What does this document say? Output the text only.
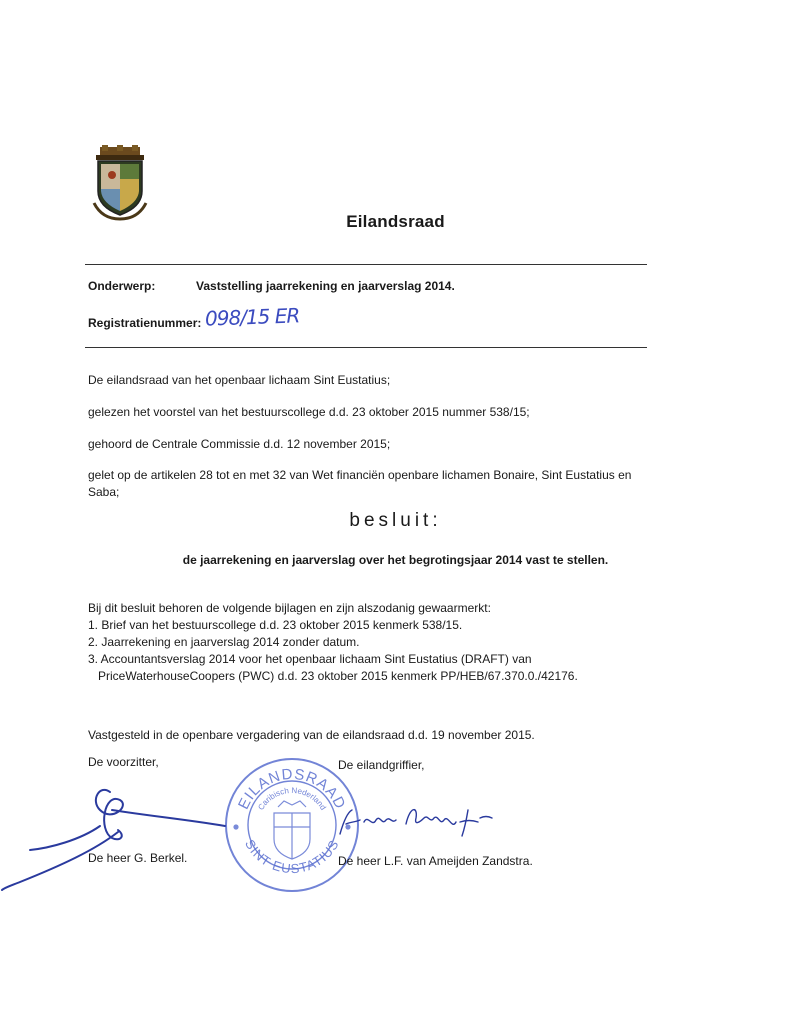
Eilandsraad
Onderwerp:	Vaststelling jaarrekening en jaarverslag 2014.
Registratienummer: 098/15 ER
De eilandsraad van het openbaar lichaam Sint Eustatius;
gelezen het voorstel van het bestuurscollege d.d. 23 oktober 2015 nummer 538/15;
gehoord de Centrale Commissie d.d. 12 november 2015;
gelet op de artikelen 28 tot en met 32 van Wet financiën openbare lichamen Bonaire, Sint Eustatius en Saba;
besluit:
de jaarrekening en jaarverslag over het begrotingsjaar 2014 vast te stellen.
Bij dit besluit behoren de volgende bijlagen en zijn alszodanig gewaarmerkt:
1. Brief van het bestuurscollege d.d. 23 oktober 2015 kenmerk 538/15.
2. Jaarrekening en jaarverslag 2014 zonder datum.
3. Accountantsverslag 2014 voor het openbaar lichaam Sint Eustatius (DRAFT) van
PriceWaterhouseCoopers (PWC) d.d. 23 oktober 2015 kenmerk PP/HEB/67.370.0./42176.
Vastgesteld in de openbare vergadering van de eilandsraad d.d. 19 november 2015.
De voorzitter,	De eilandgriffier,
EILANDSRAAD
Caribisch Nederland
SINT EUSTATIUS
De heer G. Berkel.	De heer L.F. van Ameijden Zandstra.
